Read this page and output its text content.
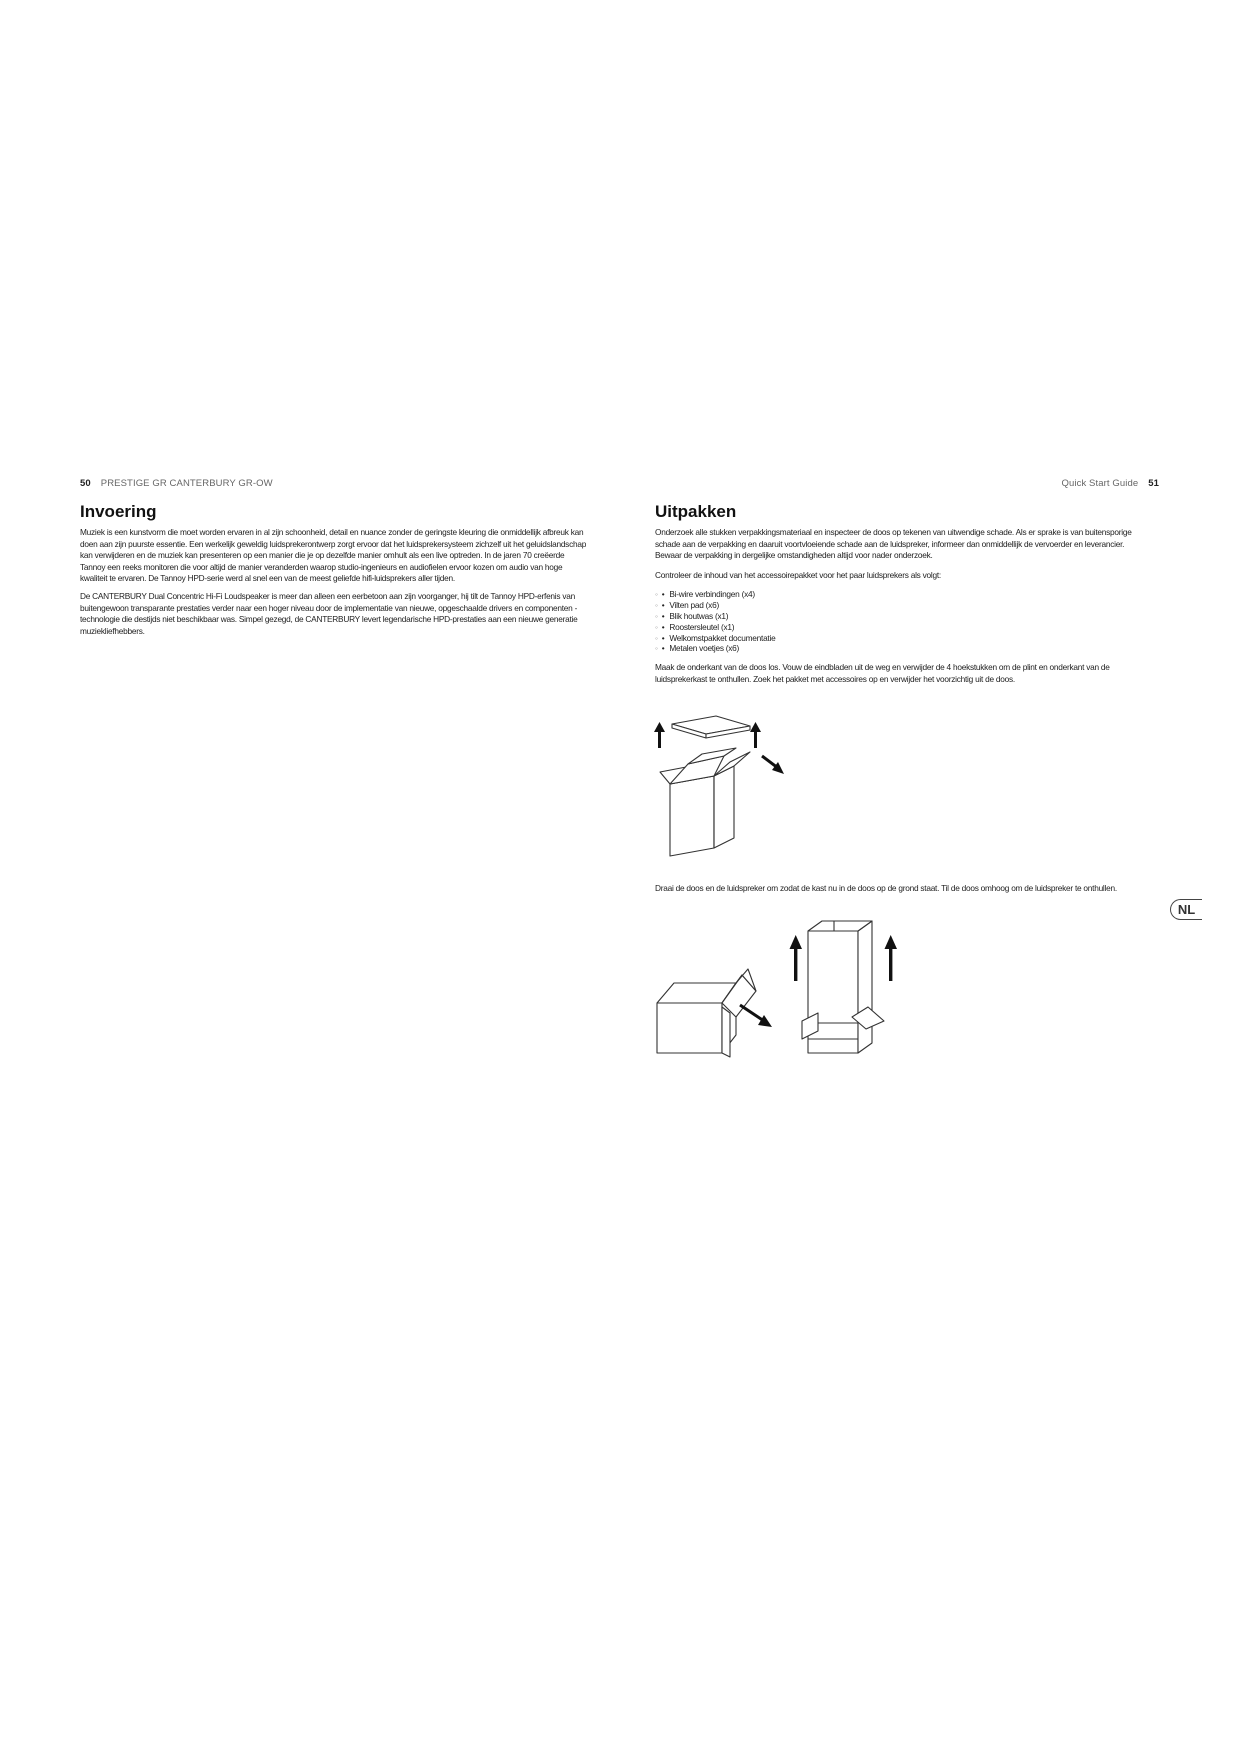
50 PRESTIGE GR CANTERBURY GR-OW	Quick Start Guide 51
Invoering

Muziek is een kunstvorm die moet worden ervaren in al zijn schoonheid, detail en nuance zonder de geringste kleuring die onmiddellijk afbreuk kan doen aan zijn puurste essentie. Een werkelijk geweldig luidsprekerontwerp zorgt ervoor dat het luidsprekersysteem zichzelf uit het geluidslandschap kan verwijderen en de muziek kan presenteren op een manier die je op dezelfde manier omhult als een live optreden. In de jaren 70 creëerde Tannoy een reeks monitoren die voor altijd de manier veranderden waarop studio-ingenieurs en audiofielen ervoor kozen om audio van hoge kwaliteit te ervaren. De Tannoy HPD-serie werd al snel een van de meest geliefde hifi-luidsprekers aller tijden.

De CANTERBURY Dual Concentric Hi-Fi Loudspeaker is meer dan alleen een eerbetoon aan zijn voorganger, hij tilt de Tannoy HPD-erfenis van buitengewoon transparante prestaties verder naar een hoger niveau door de implementatie van nieuwe, opgeschaalde drivers en componenten - technologie die destijds niet beschikbaar was. Simpel gezegd, de CANTERBURY levert legendarische HPD-prestaties aan een nieuwe generatie muziekliefhebbers.

Uitpakken

Onderzoek alle stukken verpakkingsmateriaal en inspecteer de doos op tekenen van uitwendige schade. Als er sprake is van buitensporige schade aan de verpakking en daaruit voortvloeiende schade aan de luidspreker, informeer dan onmiddellijk de vervoerder en leverancier. Bewaar de verpakking in dergelijke omstandigheden altijd voor nader onderzoek.

Controleer de inhoud van het accessoirepakket voor het paar luidsprekers als volgt:

◦ • Bi-wire verbindingen (x4)
◦ • Vilten pad (x6)
◦ • Blik houtwas (x1)
◦ • Roostersleutel (x1)
◦ • Welkomstpakket documentatie
◦ • Metalen voetjes (x6)

Maak de onderkant van de doos los. Vouw de eindbladen uit de weg en verwijder de 4 hoekstukken om de plint en onderkant van de luidsprekerkast te onthullen. Zoek het pakket met accessoires op en verwijder het voorzichtig uit de doos.

Draai de doos en de luidspreker om zodat de kast nu in de doos op de grond staat. Til de doos omhoog om de luidspreker te onthullen.

NL
